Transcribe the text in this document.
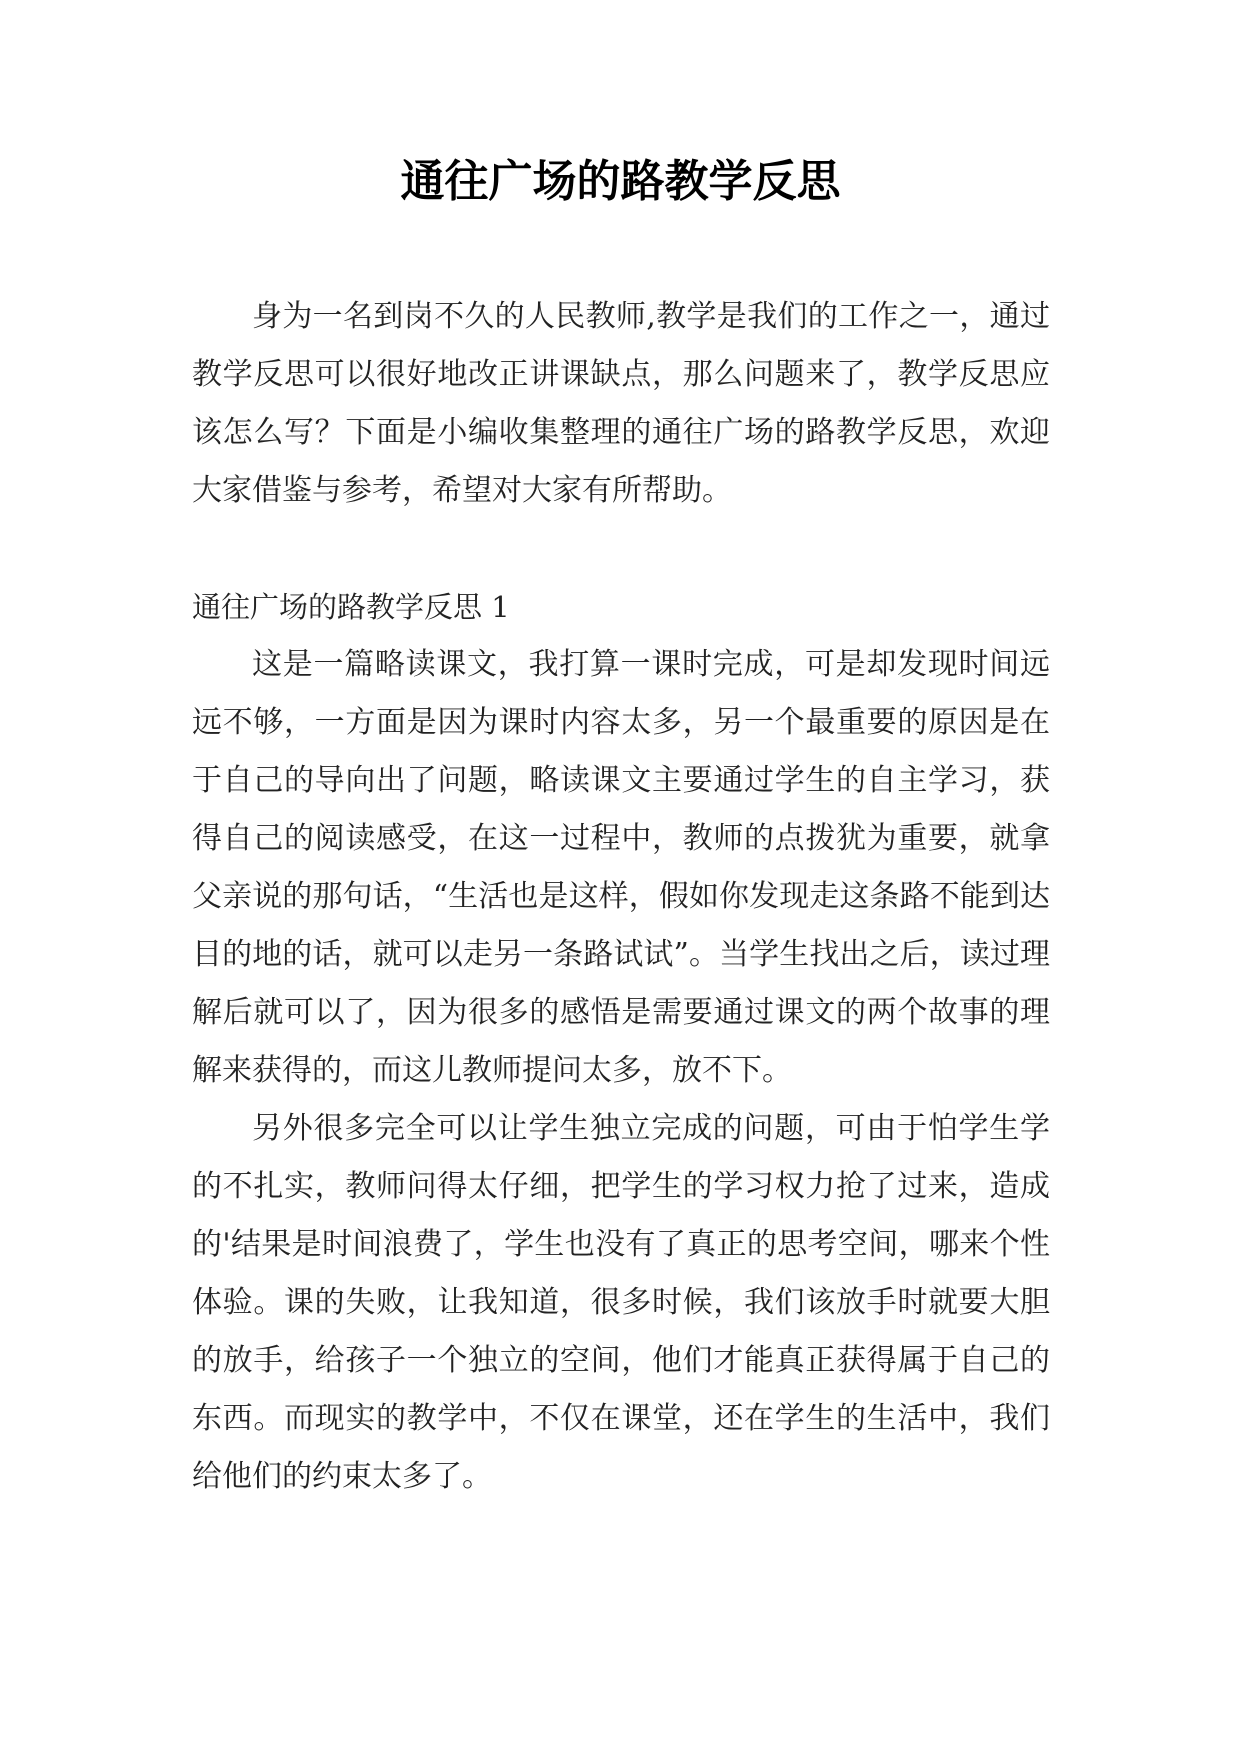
通往广场的路教学反思

身为一名到岗不久的人民教师,教学是我们的工作之一，通过教学反思可以很好地改正讲课缺点，那么问题来了，教学反思应该怎么写？下面是小编收集整理的通往广场的路教学反思，欢迎大家借鉴与参考，希望对大家有所帮助。

通往广场的路教学反思 1

这是一篇略读课文，我打算一课时完成，可是却发现时间远远不够，一方面是因为课时内容太多，另一个最重要的原因是在于自己的导向出了问题，略读课文主要通过学生的自主学习，获得自己的阅读感受，在这一过程中，教师的点拨犹为重要，就拿父亲说的那句话，“生活也是这样，假如你发现走这条路不能到达目的地的话，就可以走另一条路试试”。当学生找出之后，读过理解后就可以了，因为很多的感悟是需要通过课文的两个故事的理解来获得的，而这儿教师提问太多，放不下。

另外很多完全可以让学生独立完成的问题，可由于怕学生学的不扎实，教师问得太仔细，把学生的学习权力抢了过来，造成的'结果是时间浪费了，学生也没有了真正的思考空间，哪来个性体验。课的失败，让我知道，很多时候，我们该放手时就要大胆的放手，给孩子一个独立的空间，他们才能真正获得属于自己的东西。而现实的教学中，不仅在课堂，还在学生的生活中，我们给他们的约束太多了。
